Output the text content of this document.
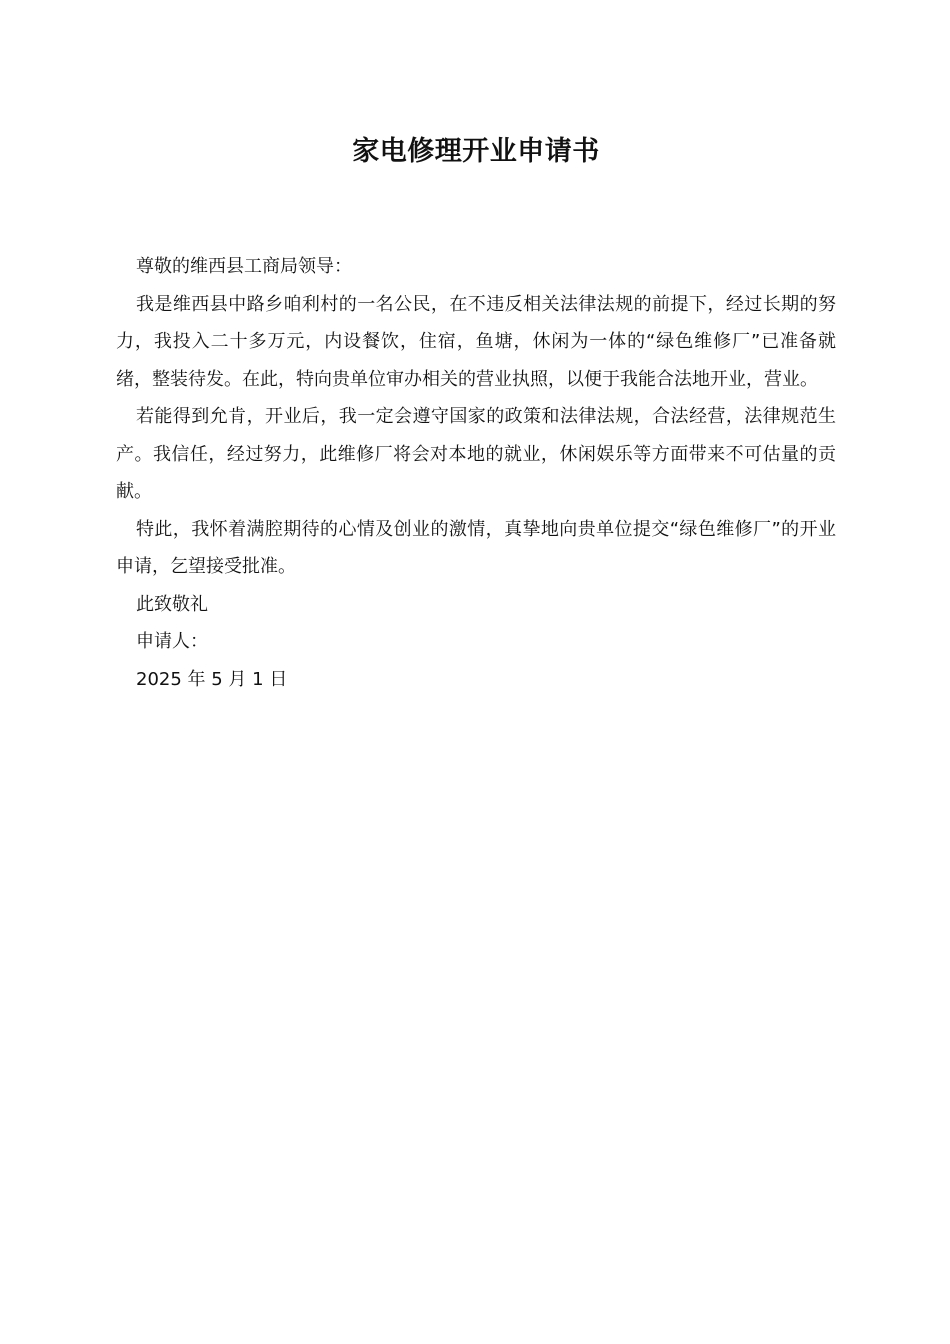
家电修理开业申请书

尊敬的维西县工商局领导：

我是维西县中路乡咱利村的一名公民，在不违反相关法律法规的前提下，经过长期的努力，我投入二十多万元，内设餐饮，住宿，鱼塘，休闲为一体的“绿色维修厂”已准备就绪，整装待发。在此，特向贵单位审办相关的营业执照，以便于我能合法地开业，营业。

若能得到允肯，开业后，我一定会遵守国家的政策和法律法规，合法经营，法律规范生产。我信任，经过努力，此维修厂将会对本地的就业，休闲娱乐等方面带来不可估量的贡献。

特此，我怀着满腔期待的心情及创业的激情，真挚地向贵单位提交“绿色维修厂”的开业申请，乞望接受批准。

此致敬礼

申请人：

2025 年 5 月 1 日
